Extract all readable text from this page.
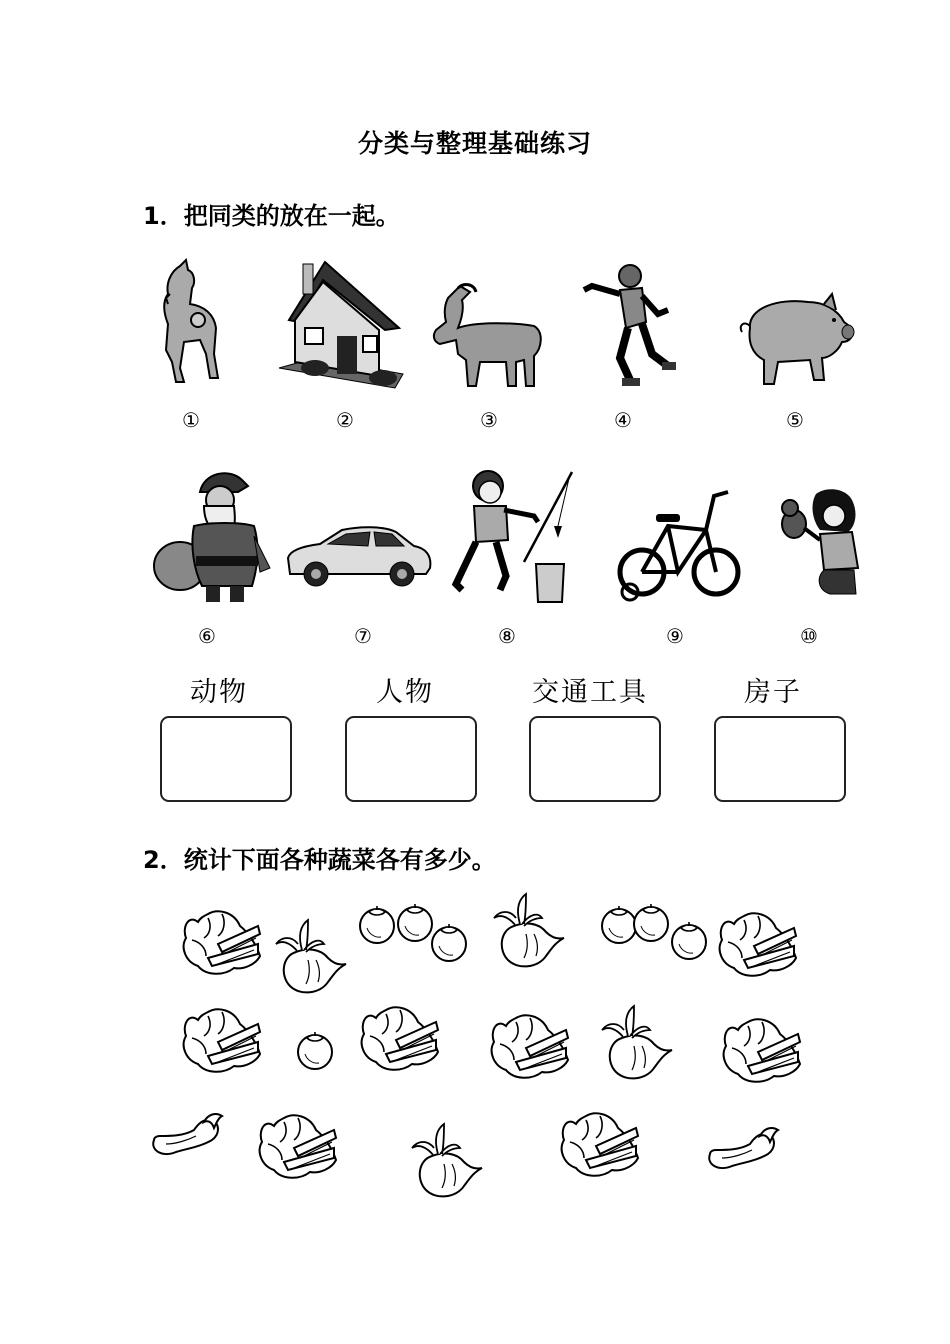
分类与整理基础练习
1．把同类的放在一起。
①	②	③	④	⑤
⑥	⑦	⑧	⑨	⑩
动物	人物	交通工具	房子
2．统计下面各种蔬菜各有多少。
